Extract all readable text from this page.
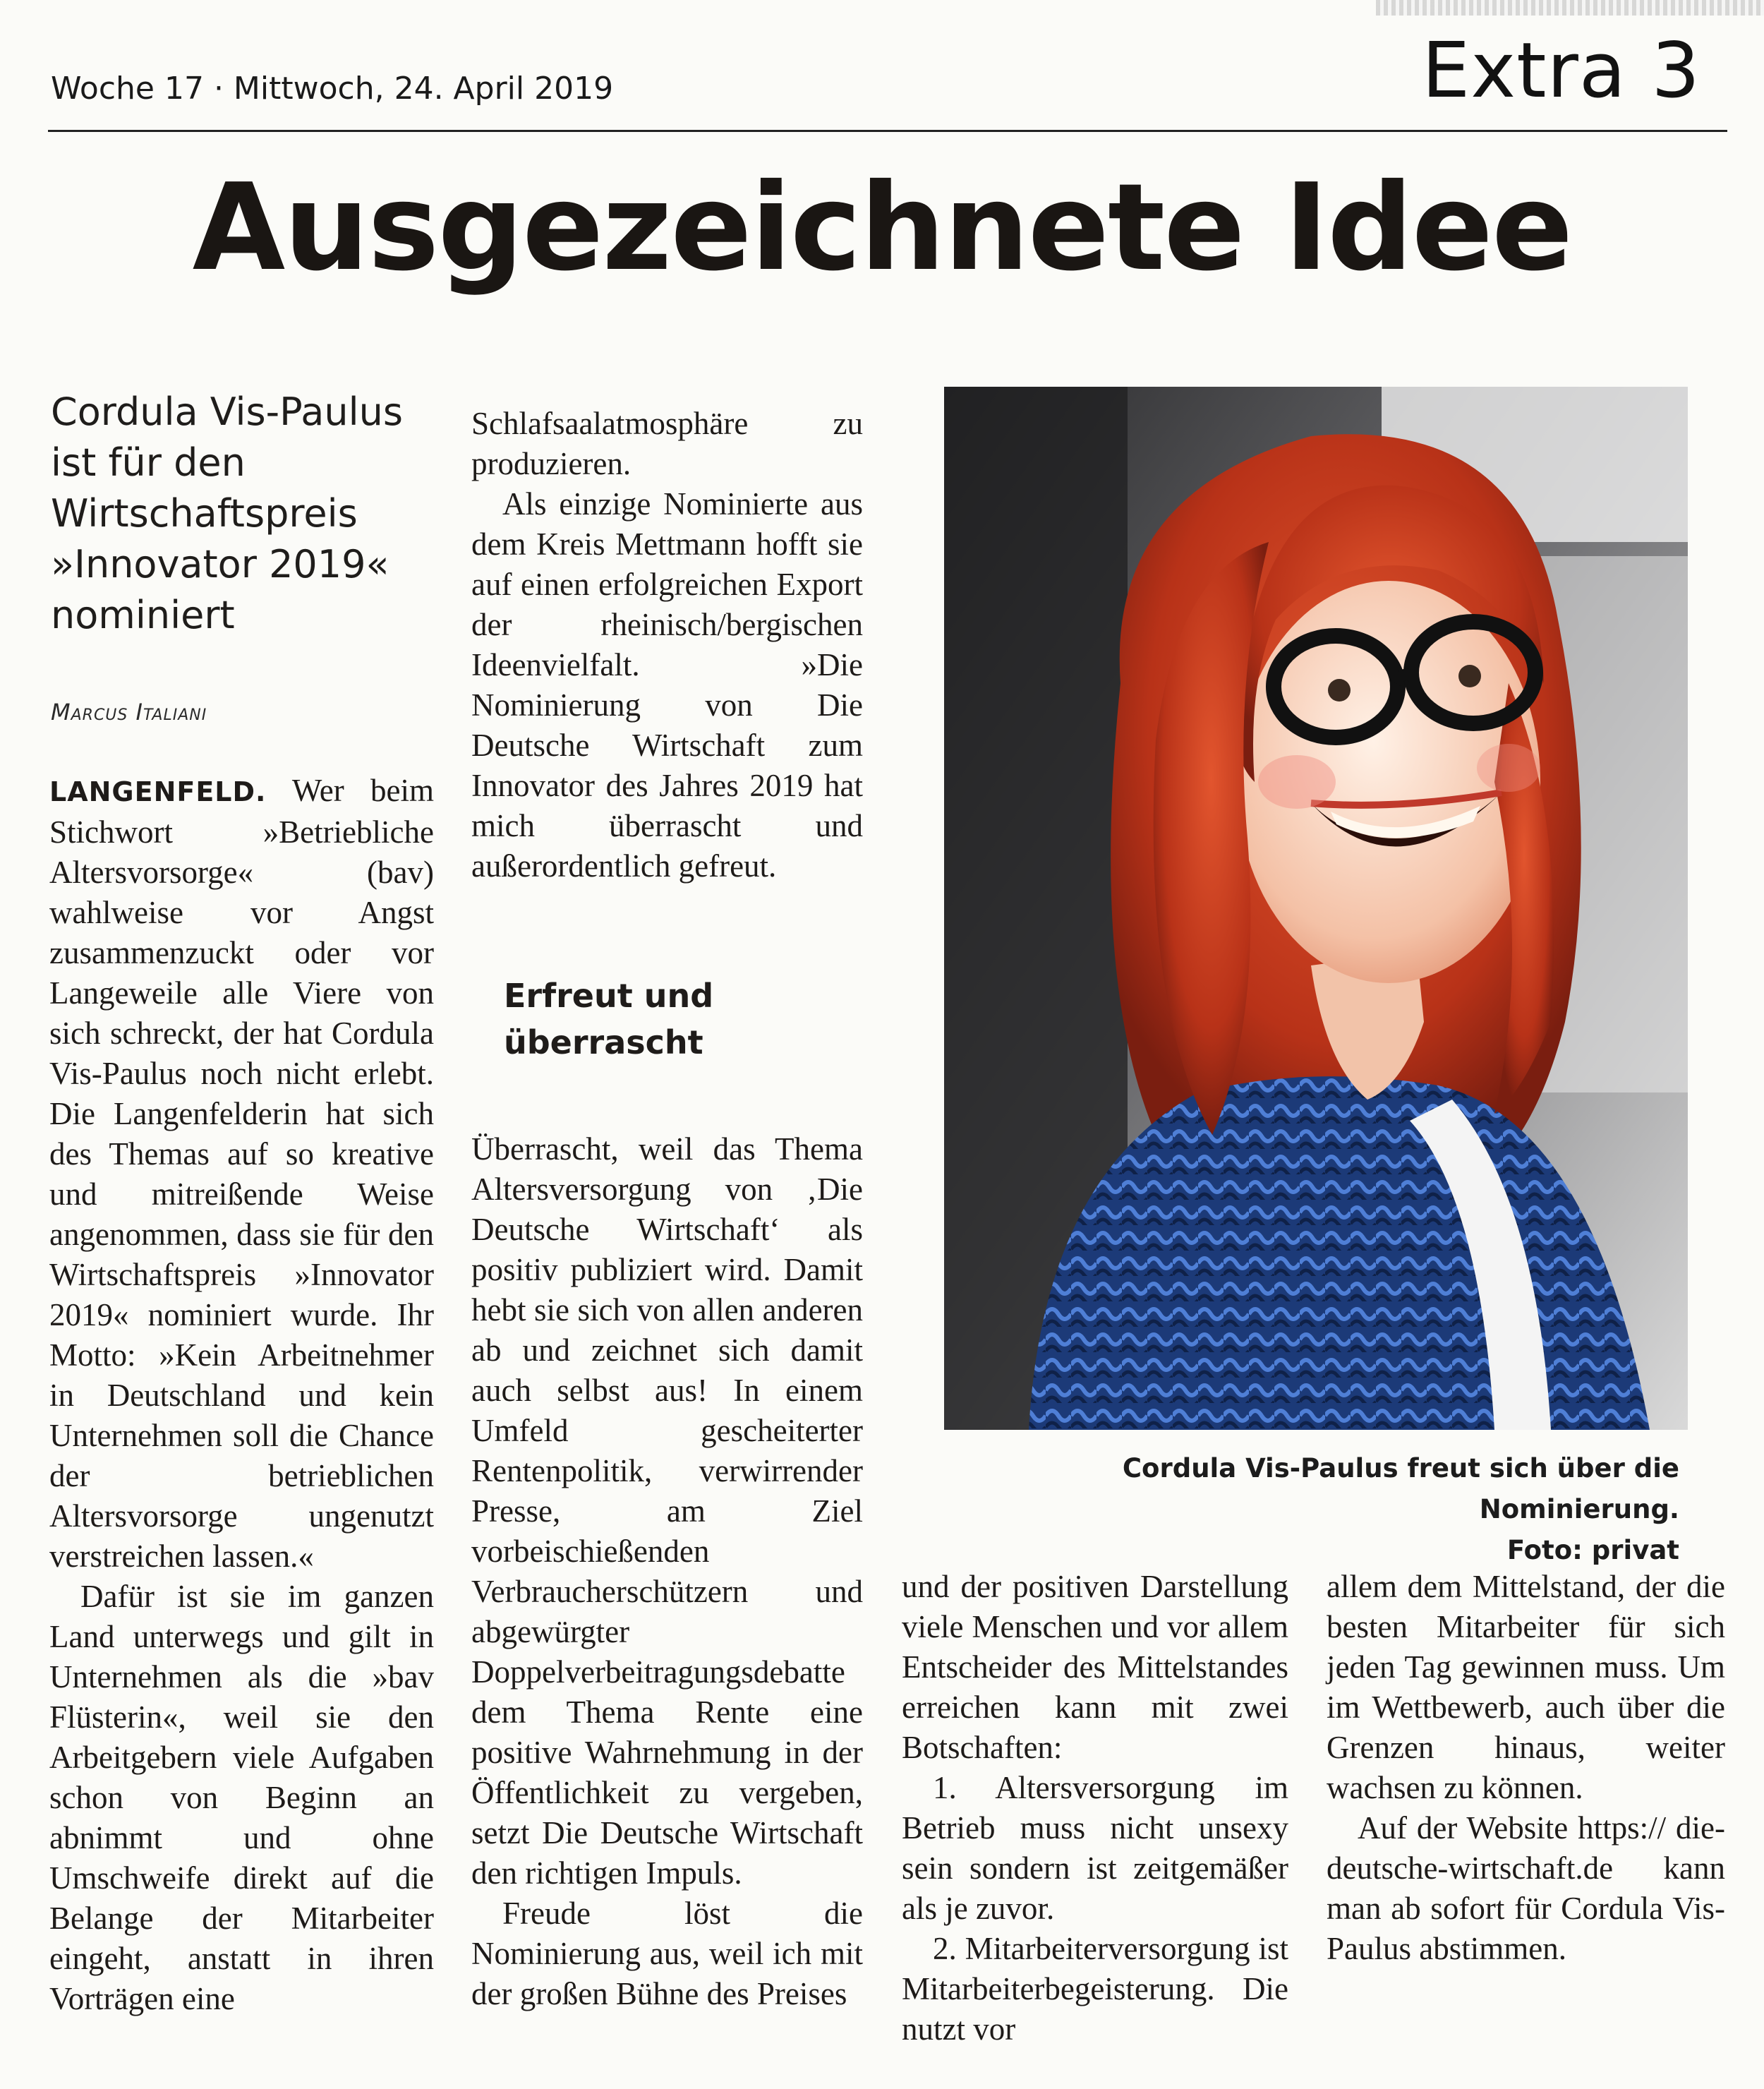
Woche 17 · Mittwoch, 24. April 2019	Extra 3
Ausgezeichnete Idee
Cordula Vis-Paulus ist für den Wirtschaftspreis »Innovator 2019« nominiert
Marcus Italiani

LANGENFELD. Wer beim Stichwort »Betriebliche Altersvorsorge« (bav) wahlweise vor Angst zusammenzuckt oder vor Langeweile alle Viere von sich schreckt, der hat Cordula Vis-Paulus noch nicht erlebt. Die Langenfelderin hat sich des Themas auf so kreative und mitreißende Weise angenommen, dass sie für den Wirtschaftspreis »Innovator 2019« nominiert wurde. Ihr Motto: »Kein Arbeitnehmer in Deutschland und kein Unternehmen soll die Chance der betrieblichen Altersvorsorge ungenutzt verstreichen lassen.«

Dafür ist sie im ganzen Land unterwegs und gilt in Unternehmen als die »bav Flüsterin«, weil sie den Arbeitgebern viele Aufgaben schon von Beginn an abnimmt und ohne Umschweife direkt auf die Belange der Mitarbeiter eingeht, anstatt in ihren Vorträgen eine

Schlafsaalatmosphäre zu produzieren.

Als einzige Nominierte aus dem Kreis Mettmann hofft sie auf einen erfolgreichen Export der rheinisch/bergischen Ideenvielfalt. »Die Nominierung von Die Deutsche Wirtschaft zum Innovator des Jahres 2019 hat mich überrascht und außerordentlich gefreut.

Erfreut und überrascht

Überrascht, weil das Thema Altersversorgung von ‚Die Deutsche Wirtschaft‘ als positiv publiziert wird. Damit hebt sie sich von allen anderen ab und zeichnet sich damit auch selbst aus! In einem Umfeld gescheiterter Rentenpolitik, verwirrender Presse, am Ziel vorbeischießenden Verbraucherschützern und abgewürgter Doppelverbeitragungsdebatte dem Thema Rente eine positive Wahrnehmung in der Öffentlichkeit zu vergeben, setzt Die Deutsche Wirtschaft den richtigen Impuls.

Freude löst die Nominierung aus, weil ich mit der großen Bühne des Preises

und der positiven Darstellung viele Menschen und vor allem Entscheider des Mittelstandes erreichen kann mit zwei Botschaften:

1. Altersversorgung im Betrieb muss nicht unsexy sein sondern ist zeitgemäßer als je zuvor.

2. Mitarbeiterversorgung ist Mitarbeiterbegeisterung. Die nutzt vor

allem dem Mittelstand, der die besten Mitarbeiter für sich jeden Tag gewinnen muss. Um im Wettbewerb, auch über die Grenzen hinaus, weiter wachsen zu können.

Auf der Website https:// die-deutsche-wirtschaft.de kann man ab sofort für Cordula Vis-Paulus abstimmen.

Cordula Vis-Paulus freut sich über die Nominierung.
Foto: privat
